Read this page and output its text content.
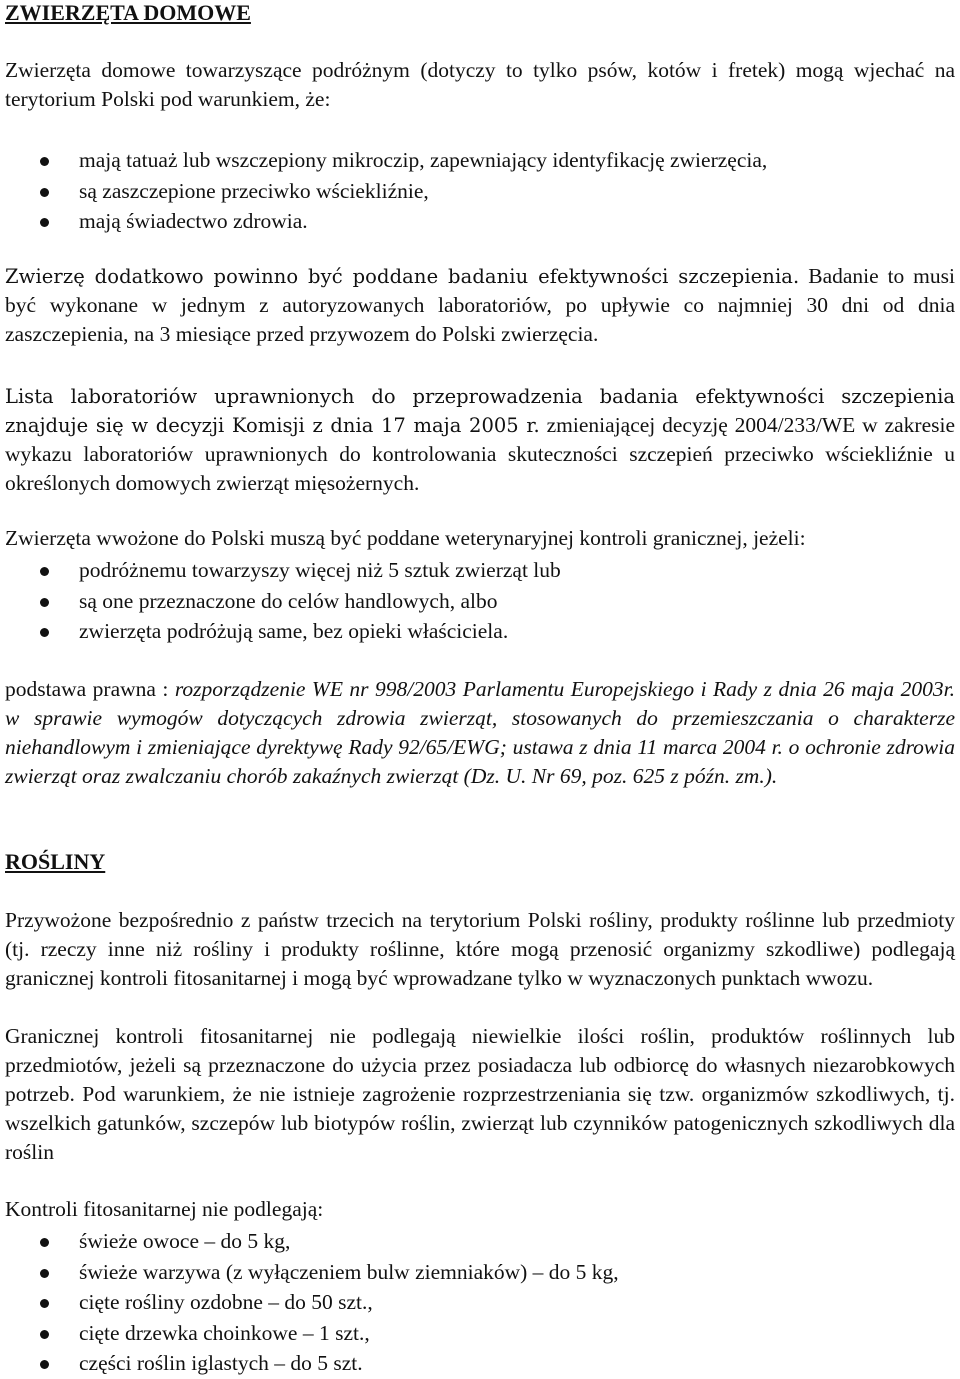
ZWIERZĘTA DOMOWE

Zwierzęta domowe towarzyszące podróżnym (dotyczy to tylko psów, kotów i fretek) mogą wjechać na terytorium Polski pod warunkiem, że:

mają tatuaż lub wszczepiony mikroczip, zapewniający identyfikację zwierzęcia,
są zaszczepione przeciwko wściekliźnie,
mają świadectwo zdrowia.

Zwierzę dodatkowo powinno być poddane badaniu efektywności szczepienia. Badanie to musi być wykonane w jednym z autoryzowanych laboratoriów, po upływie co najmniej 30 dni od dnia zaszczepienia, na 3 miesiące przed przywozem do Polski zwierzęcia.

Lista laboratoriów uprawnionych do przeprowadzenia badania efektywności szczepienia znajduje się w decyzji Komisji z dnia 17 maja 2005 r. zmieniającej decyzję 2004/233/WE w zakresie wykazu laboratoriów uprawnionych do kontrolowania skuteczności szczepień przeciwko wściekliźnie u określonych domowych zwierząt mięsożernych.

Zwierzęta wwożone do Polski muszą być poddane weterynaryjnej kontroli granicznej, jeżeli:

podróżnemu towarzyszy więcej niż 5 sztuk zwierząt lub
są one przeznaczone do celów handlowych, albo
zwierzęta podróżują same, bez opieki właściciela.

podstawa prawna : rozporządzenie WE nr 998/2003 Parlamentu Europejskiego i Rady z dnia 26 maja 2003r. w sprawie wymogów dotyczących zdrowia zwierząt, stosowanych do przemieszczania o charakterze niehandlowym i zmieniające dyrektywę Rady 92/65/EWG; ustawa z dnia 11 marca 2004 r. o ochronie zdrowia zwierząt oraz zwalczaniu chorób zakaźnych zwierząt (Dz. U. Nr 69, poz. 625 z późn. zm.).

ROŚLINY

Przywożone bezpośrednio z państw trzecich na terytorium Polski rośliny, produkty roślinne lub przedmioty (tj. rzeczy inne niż rośliny i produkty roślinne, które mogą przenosić organizmy szkodliwe) podlegają granicznej kontroli fitosanitarnej i mogą być wprowadzane tylko w wyznaczonych punktach wwozu.

Granicznej kontroli fitosanitarnej nie podlegają niewielkie ilości roślin, produktów roślinnych lub przedmiotów, jeżeli są przeznaczone do użycia przez posiadacza lub odbiorcę do własnych niezarobkowych potrzeb. Pod warunkiem, że nie istnieje zagrożenie rozprzestrzeniania się tzw. organizmów szkodliwych, tj. wszelkich gatunków, szczepów lub biotypów roślin, zwierząt lub czynników patogenicznych szkodliwych dla roślin

Kontroli fitosanitarnej nie podlegają:

świeże owoce – do 5 kg,
świeże warzywa (z wyłączeniem bulw ziemniaków) – do 5 kg,
cięte rośliny ozdobne – do 50 szt.,
cięte drzewka choinkowe – 1 szt.,
części roślin iglastych – do 5 szt.
